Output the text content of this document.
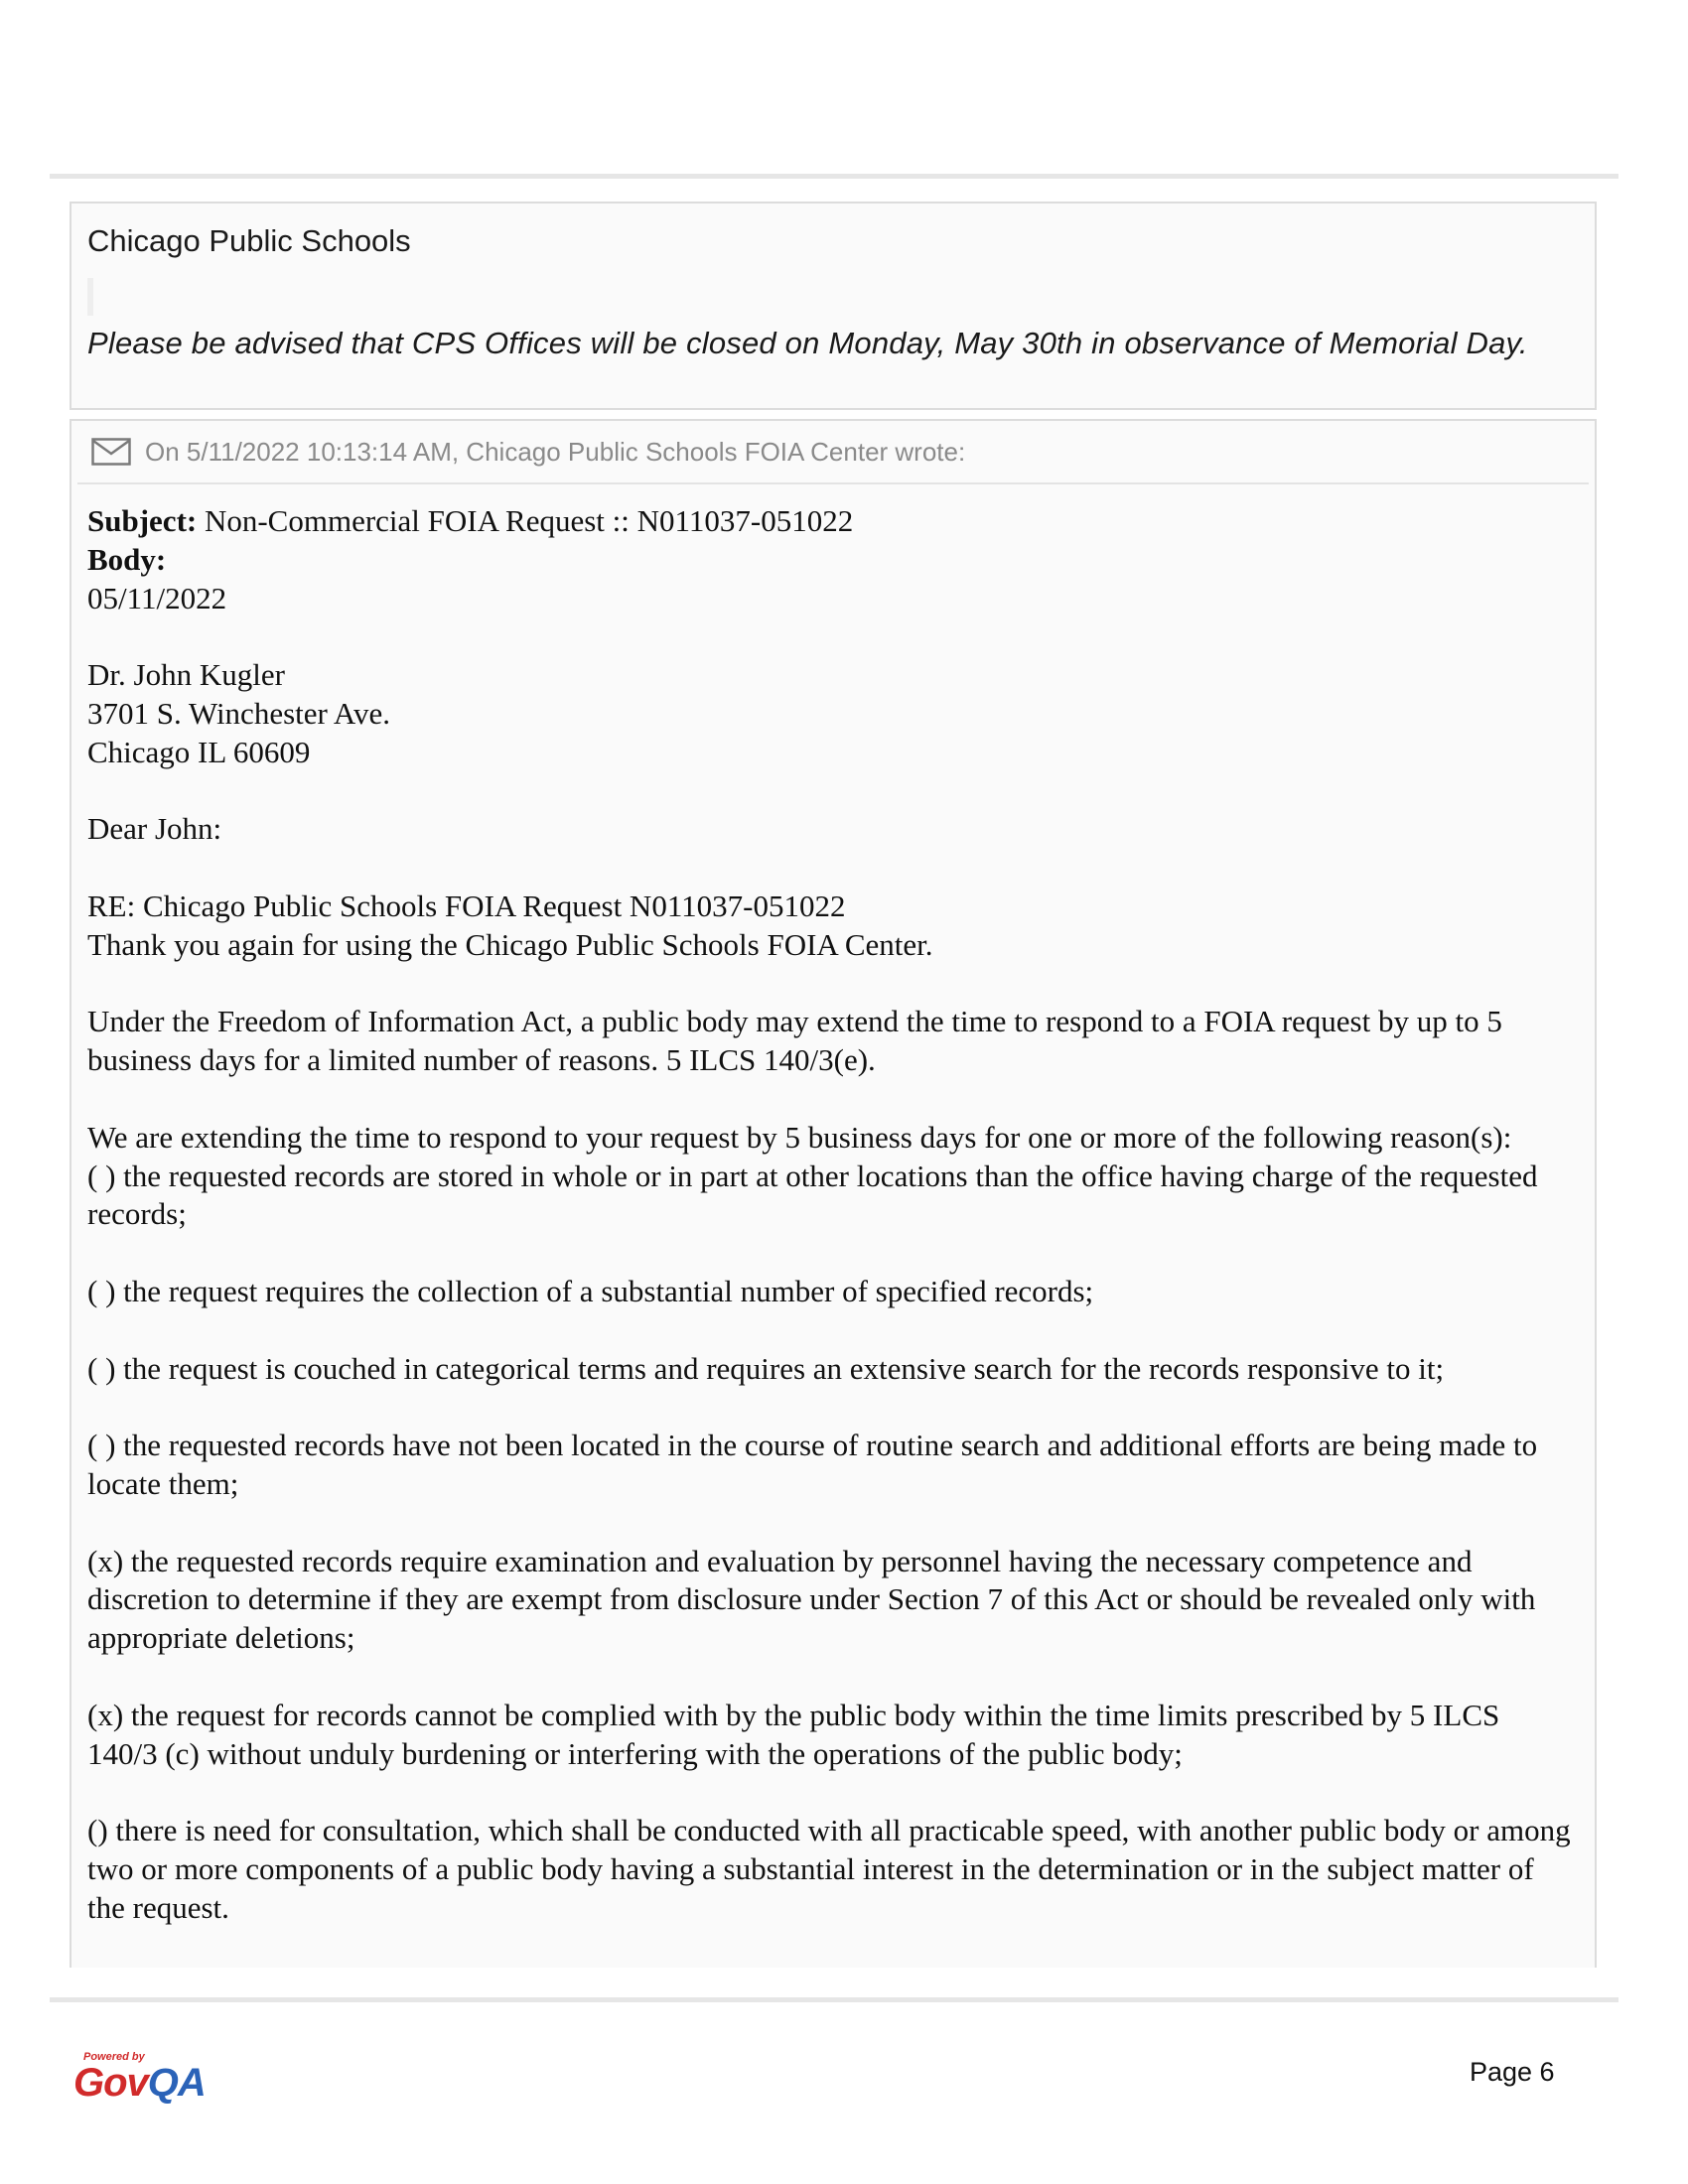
Chicago Public Schools
Please be advised that CPS Offices will be closed on Monday, May 30th in observance of Memorial Day.
On 5/11/2022 10:13:14 AM, Chicago Public Schools FOIA Center wrote:

Subject: Non-Commercial FOIA Request :: N011037-051022

Body:

05/11/2022

Dr. John Kugler

3701 S. Winchester Ave.

Chicago IL 60609

Dear John:

RE: Chicago Public Schools FOIA Request N011037-051022

Thank you again for using the Chicago Public Schools FOIA Center.

Under the Freedom of Information Act, a public body may extend the time to respond to a FOIA request by up to 5 business days for a limited number of reasons. 5 ILCS 140/3(e).

We are extending the time to respond to your request by 5 business days for one or more of the following reason(s):

( ) the requested records are stored in whole or in part at other locations than the office having charge of the requested records;

( ) the request requires the collection of a substantial number of specified records;

( ) the request is couched in categorical terms and requires an extensive search for the records responsive to it;

( ) the requested records have not been located in the course of routine search and additional efforts are being made to locate them;

(x) the requested records require examination and evaluation by personnel having the necessary competence and discretion to determine if they are exempt from disclosure under Section 7 of this Act or should be revealed only with appropriate deletions;

(x) the request for records cannot be complied with by the public body within the time limits prescribed by 5 ILCS 140/3 (c) without unduly burdening or interfering with the operations of the public body;

() there is need for consultation, which shall be conducted with all practicable speed, with another public body or among two or more components of a public body having a substantial interest in the determination or in the subject matter of the request.

Powered by
GovQA	Page 6
